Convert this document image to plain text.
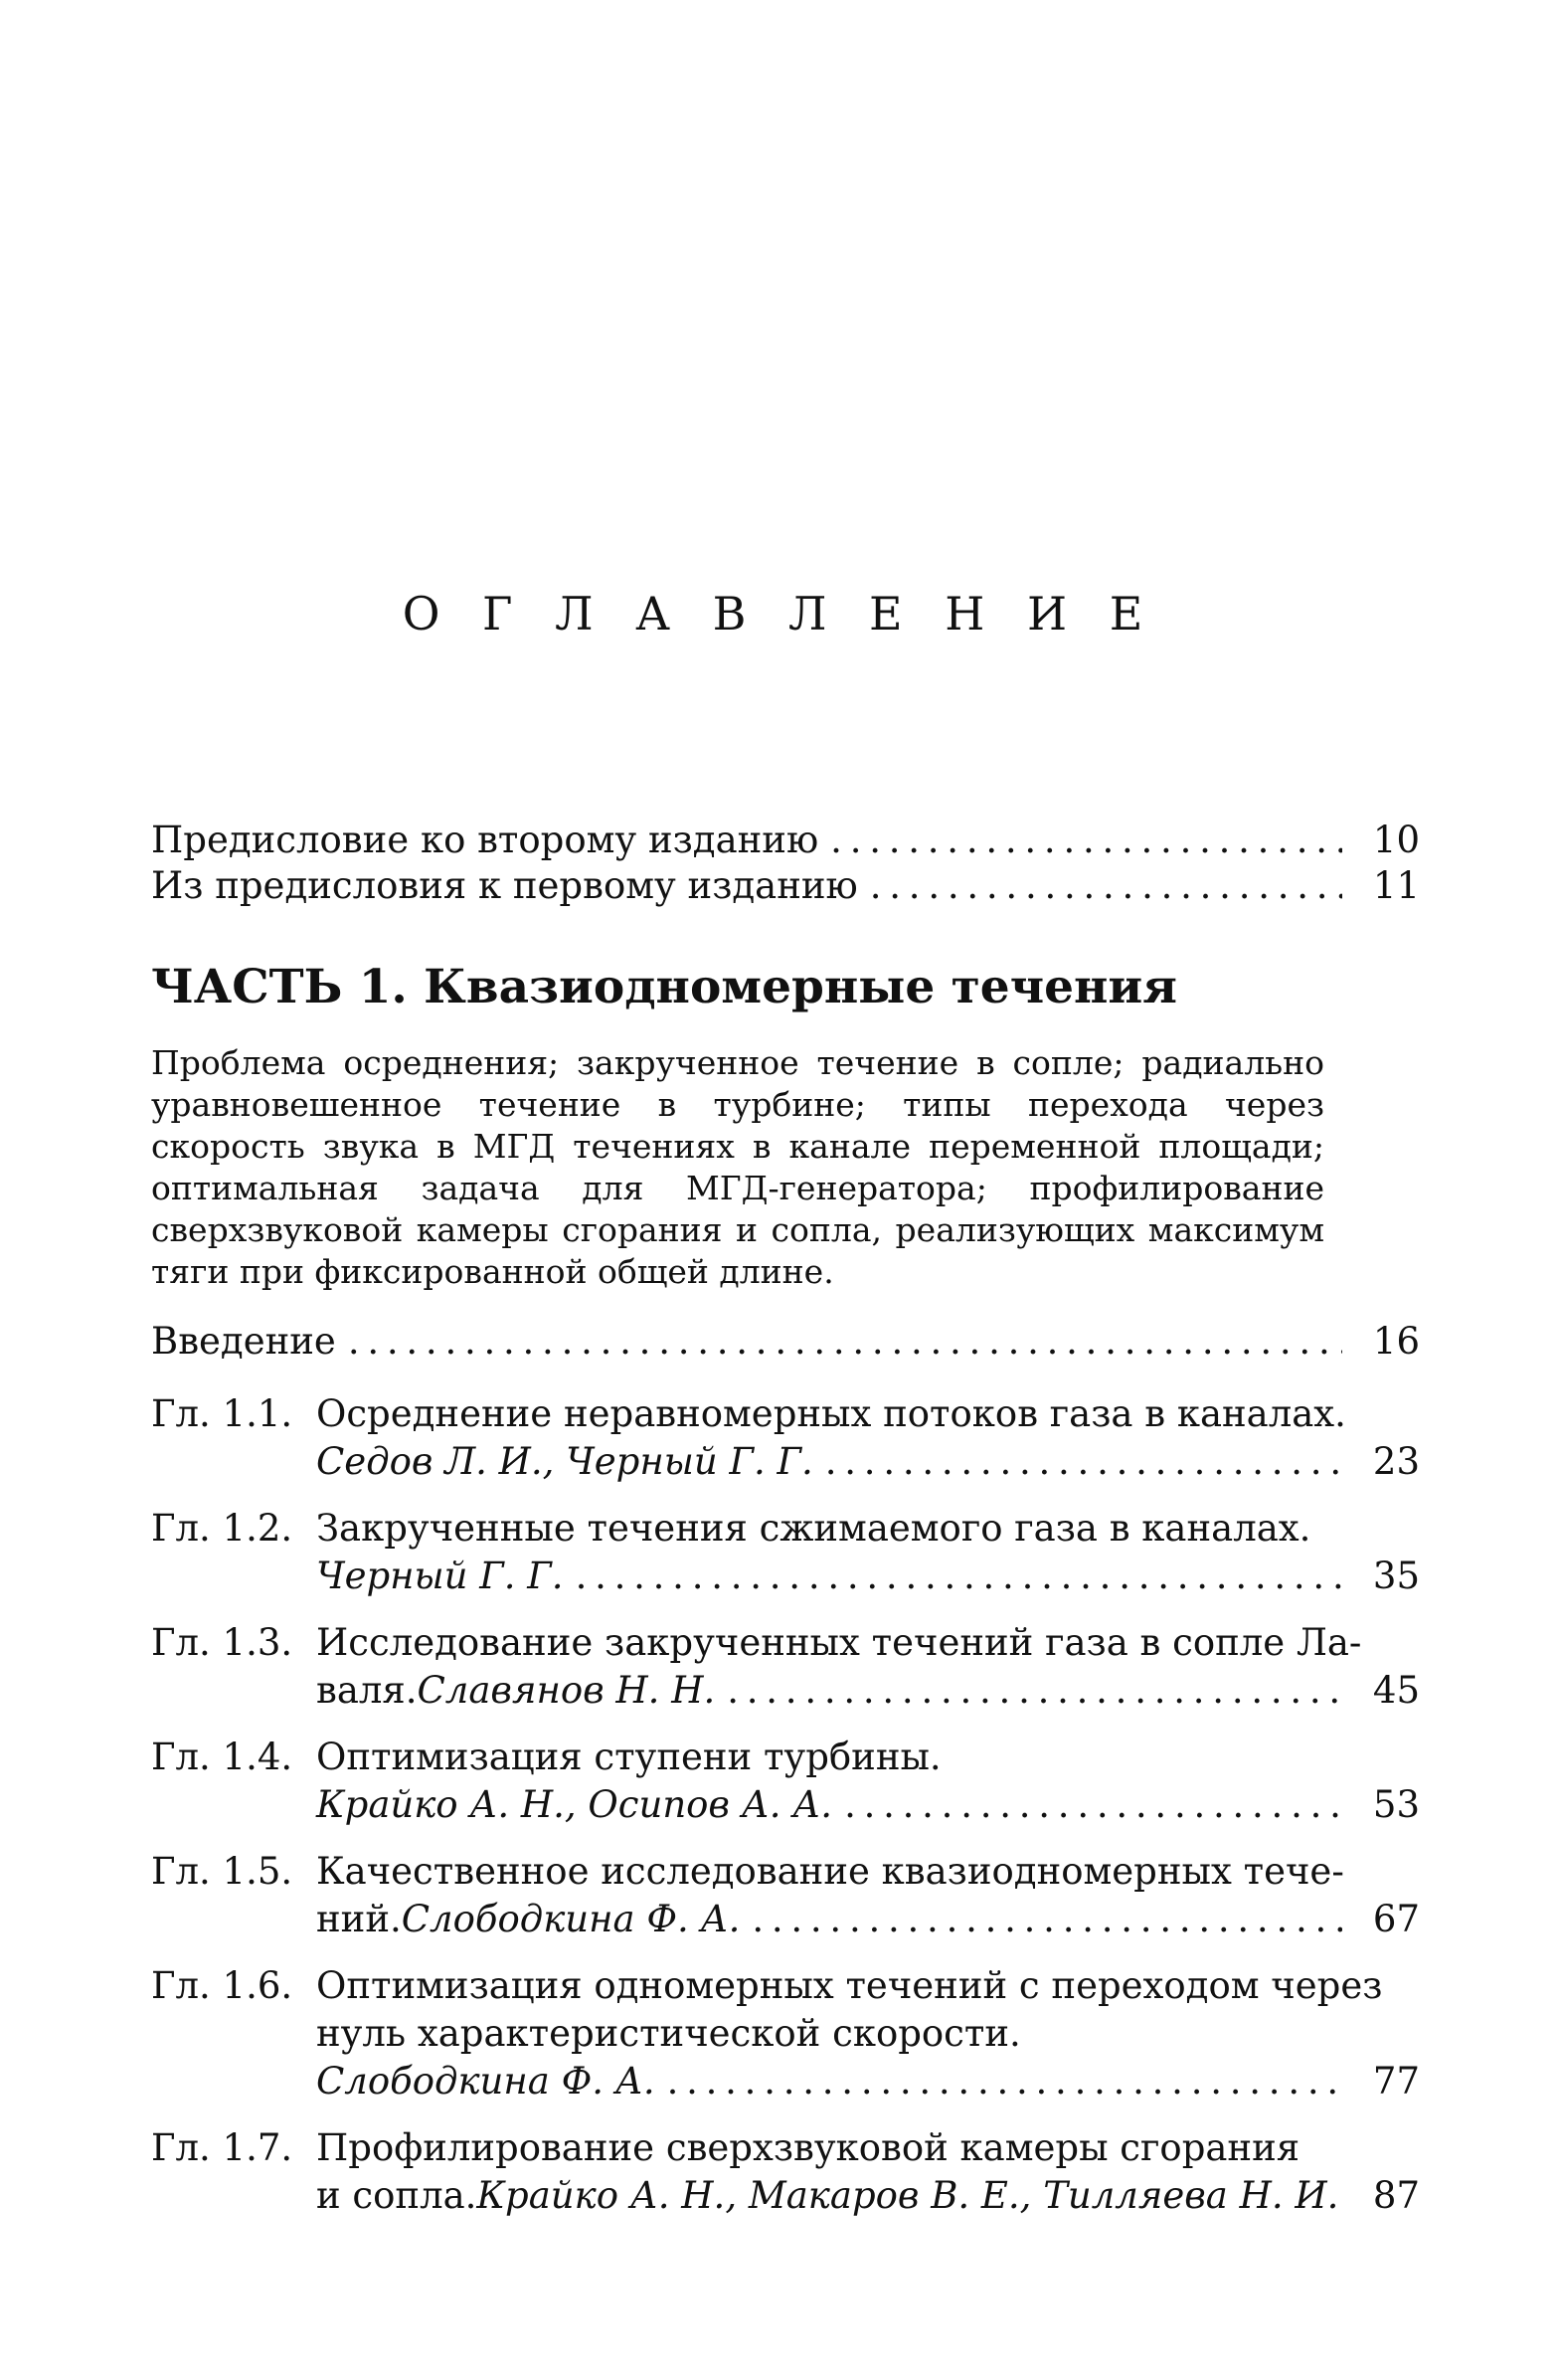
О Г Л А В Л Е Н И Е
Предисловие ко второму изданию . . .	10
Из предисловия к первому изданию . . .	11
ЧАСТЬ 1. Квазиодномерные течения
Проблема осреднения; закрученное течение в сопле; радиально уравновешенное течение в турбине; типы перехода через скорость звука в МГД течениях в канале переменной площади; оптимальная задача для МГД-генератора; профилирование сверхзвуковой камеры сгорания и сопла, реализующих максимум тяги при фиксированной общей длине.
Введение . . .	16
Гл. 1.1. Осреднение неравномерных потоков газа в каналах.
Седов Л. И., Черный Г. Г. . . .	23
Гл. 1.2. Закрученные течения сжимаемого газа в каналах.
Черный Г. Г. . . .	35
Гл. 1.3. Исследование закрученных течений газа в сопле Ла-
валя. Славянов Н. Н. . . .	45
Гл. 1.4. Оптимизация ступени турбины.
Крайко А. Н., Осипов А. А. . . .	53
Гл. 1.5. Качественное исследование квазиодномерных тече-
ний. Слободкина Ф. А. . . .	67
Гл. 1.6. Оптимизация одномерных течений с переходом через
нуль характеристической скорости.
Слободкина Ф. А. . . .	77
Гл. 1.7. Профилирование сверхзвуковой камеры сгорания
и сопла. Крайко А. Н., Макаров В. Е., Тилляева Н. И. 87
